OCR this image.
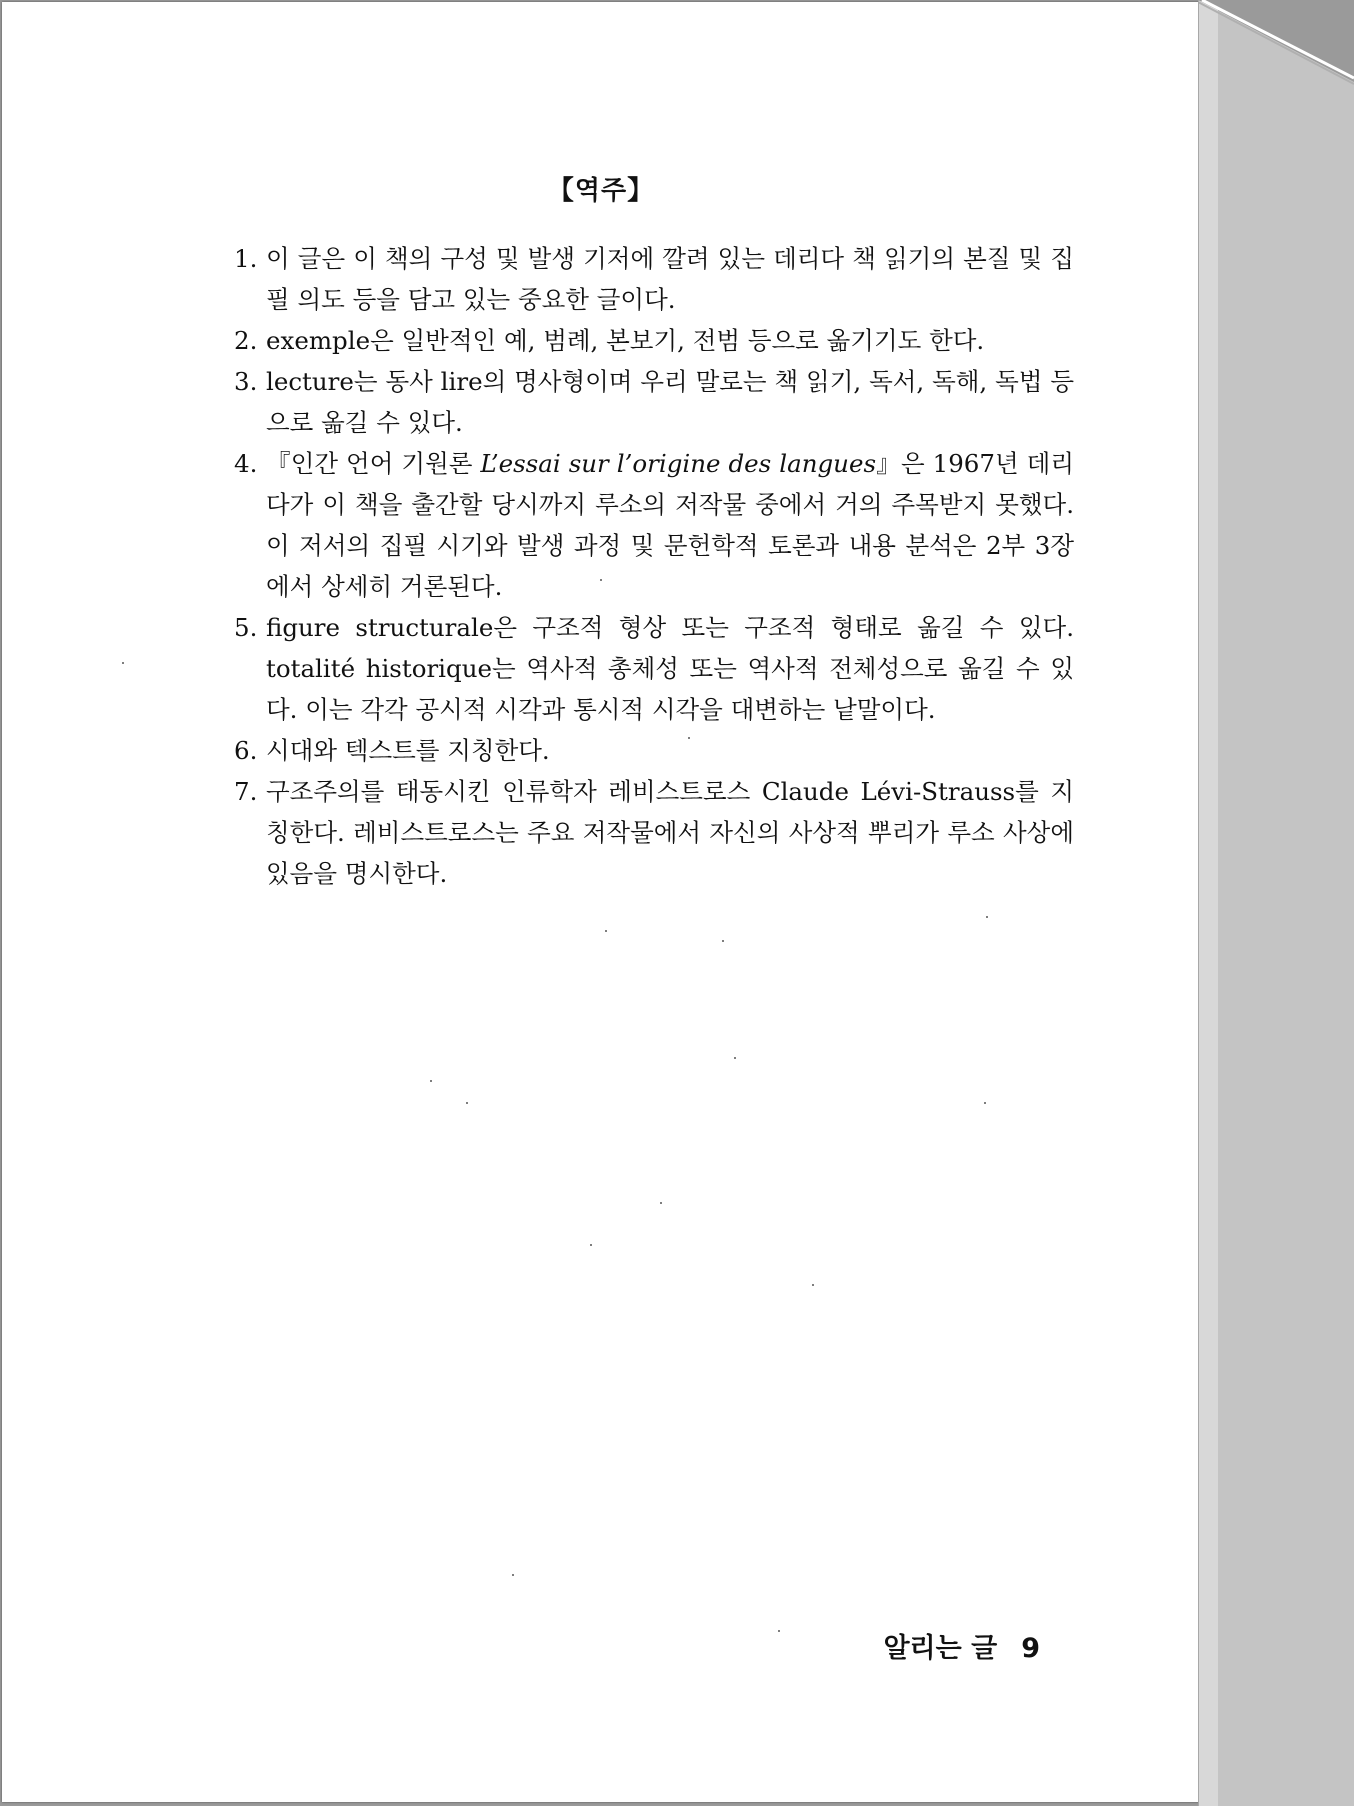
【역주】
1. 이 글은 이 책의 구성 및 발생 기저에 깔려 있는 데리다 책 읽기의 본질 및 집필 의도 등을 담고 있는 중요한 글이다.
2. exemple은 일반적인 예, 범례, 본보기, 전범 등으로 옮기기도 한다.
3. lecture는 동사 lire의 명사형이며 우리 말로는 책 읽기, 독서, 독해, 독법 등으로 옮길 수 있다.
4. 『인간 언어 기원론 L’essai sur l’origine des langues』은 1967년 데리다가 이 책을 출간할 당시까지 루소의 저작물 중에서 거의 주목받지 못했다. 이 저서의 집필 시기와 발생 과정 및 문헌학적 토론과 내용 분석은 2부 3장에서 상세히 거론된다.
5. figure structurale은 구조적 형상 또는 구조적 형태로 옮길 수 있다. totalité historique는 역사적 총체성 또는 역사적 전체성으로 옮길 수 있다. 이는 각각 공시적 시각과 통시적 시각을 대변하는 낱말이다.
6. 시대와 텍스트를 지칭한다.
7. 구조주의를 태동시킨 인류학자 레비스트로스 Claude Lévi-Strauss를 지칭한다. 레비스트로스는 주요 저작물에서 자신의 사상적 뿌리가 루소 사상에 있음을 명시한다.
알리는 글 9
